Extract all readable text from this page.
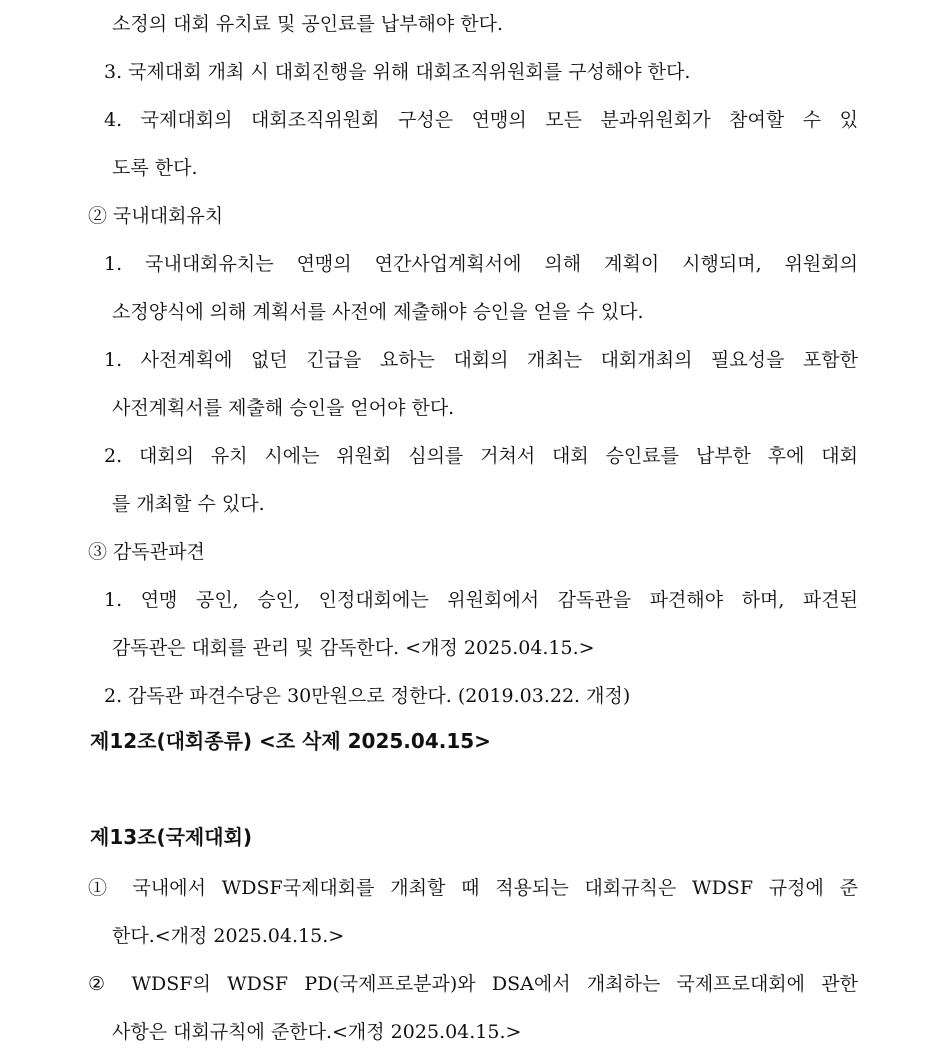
소정의 대회 유치료 및 공인료를 납부해야 한다.
3. 국제대회 개최 시 대회진행을 위해 대회조직위원회를 구성해야 한다.
4. 국제대회의 대회조직위원회 구성은 연맹의 모든 분과위원회가 참여할 수 있
도록 한다.
② 국내대회유치
1. 국내대회유치는 연맹의 연간사업계획서에 의해 계획이 시행되며, 위원회의
소정양식에 의해 계획서를 사전에 제출해야 승인을 얻을 수 있다.
1. 사전계획에 없던 긴급을 요하는 대회의 개최는 대회개최의 필요성을 포함한
사전계획서를 제출해 승인을 얻어야 한다.
2. 대회의 유치 시에는 위원회 심의를 거쳐서 대회 승인료를 납부한 후에 대회
를 개최할 수 있다.
③ 감독관파견
1. 연맹 공인, 승인, 인정대회에는 위원회에서 감독관을 파견해야 하며, 파견된
감독관은 대회를 관리 및 감독한다. <개정 2025.04.15.>
2. 감독관 파견수당은 30만원으로 정한다. (2019.03.22. 개정)
제12조(대회종류) <조 삭제 2025.04.15>
제13조(국제대회)
① 국내에서 WDSF국제대회를 개최할 때 적용되는 대회규칙은 WDSF 규정에 준
한다.<개정 2025.04.15.>
② WDSF의 WDSF PD(국제프로분과)와 DSA에서 개최하는 국제프로대회에 관한
사항은 대회규칙에 준한다.<개정 2025.04.15.>
